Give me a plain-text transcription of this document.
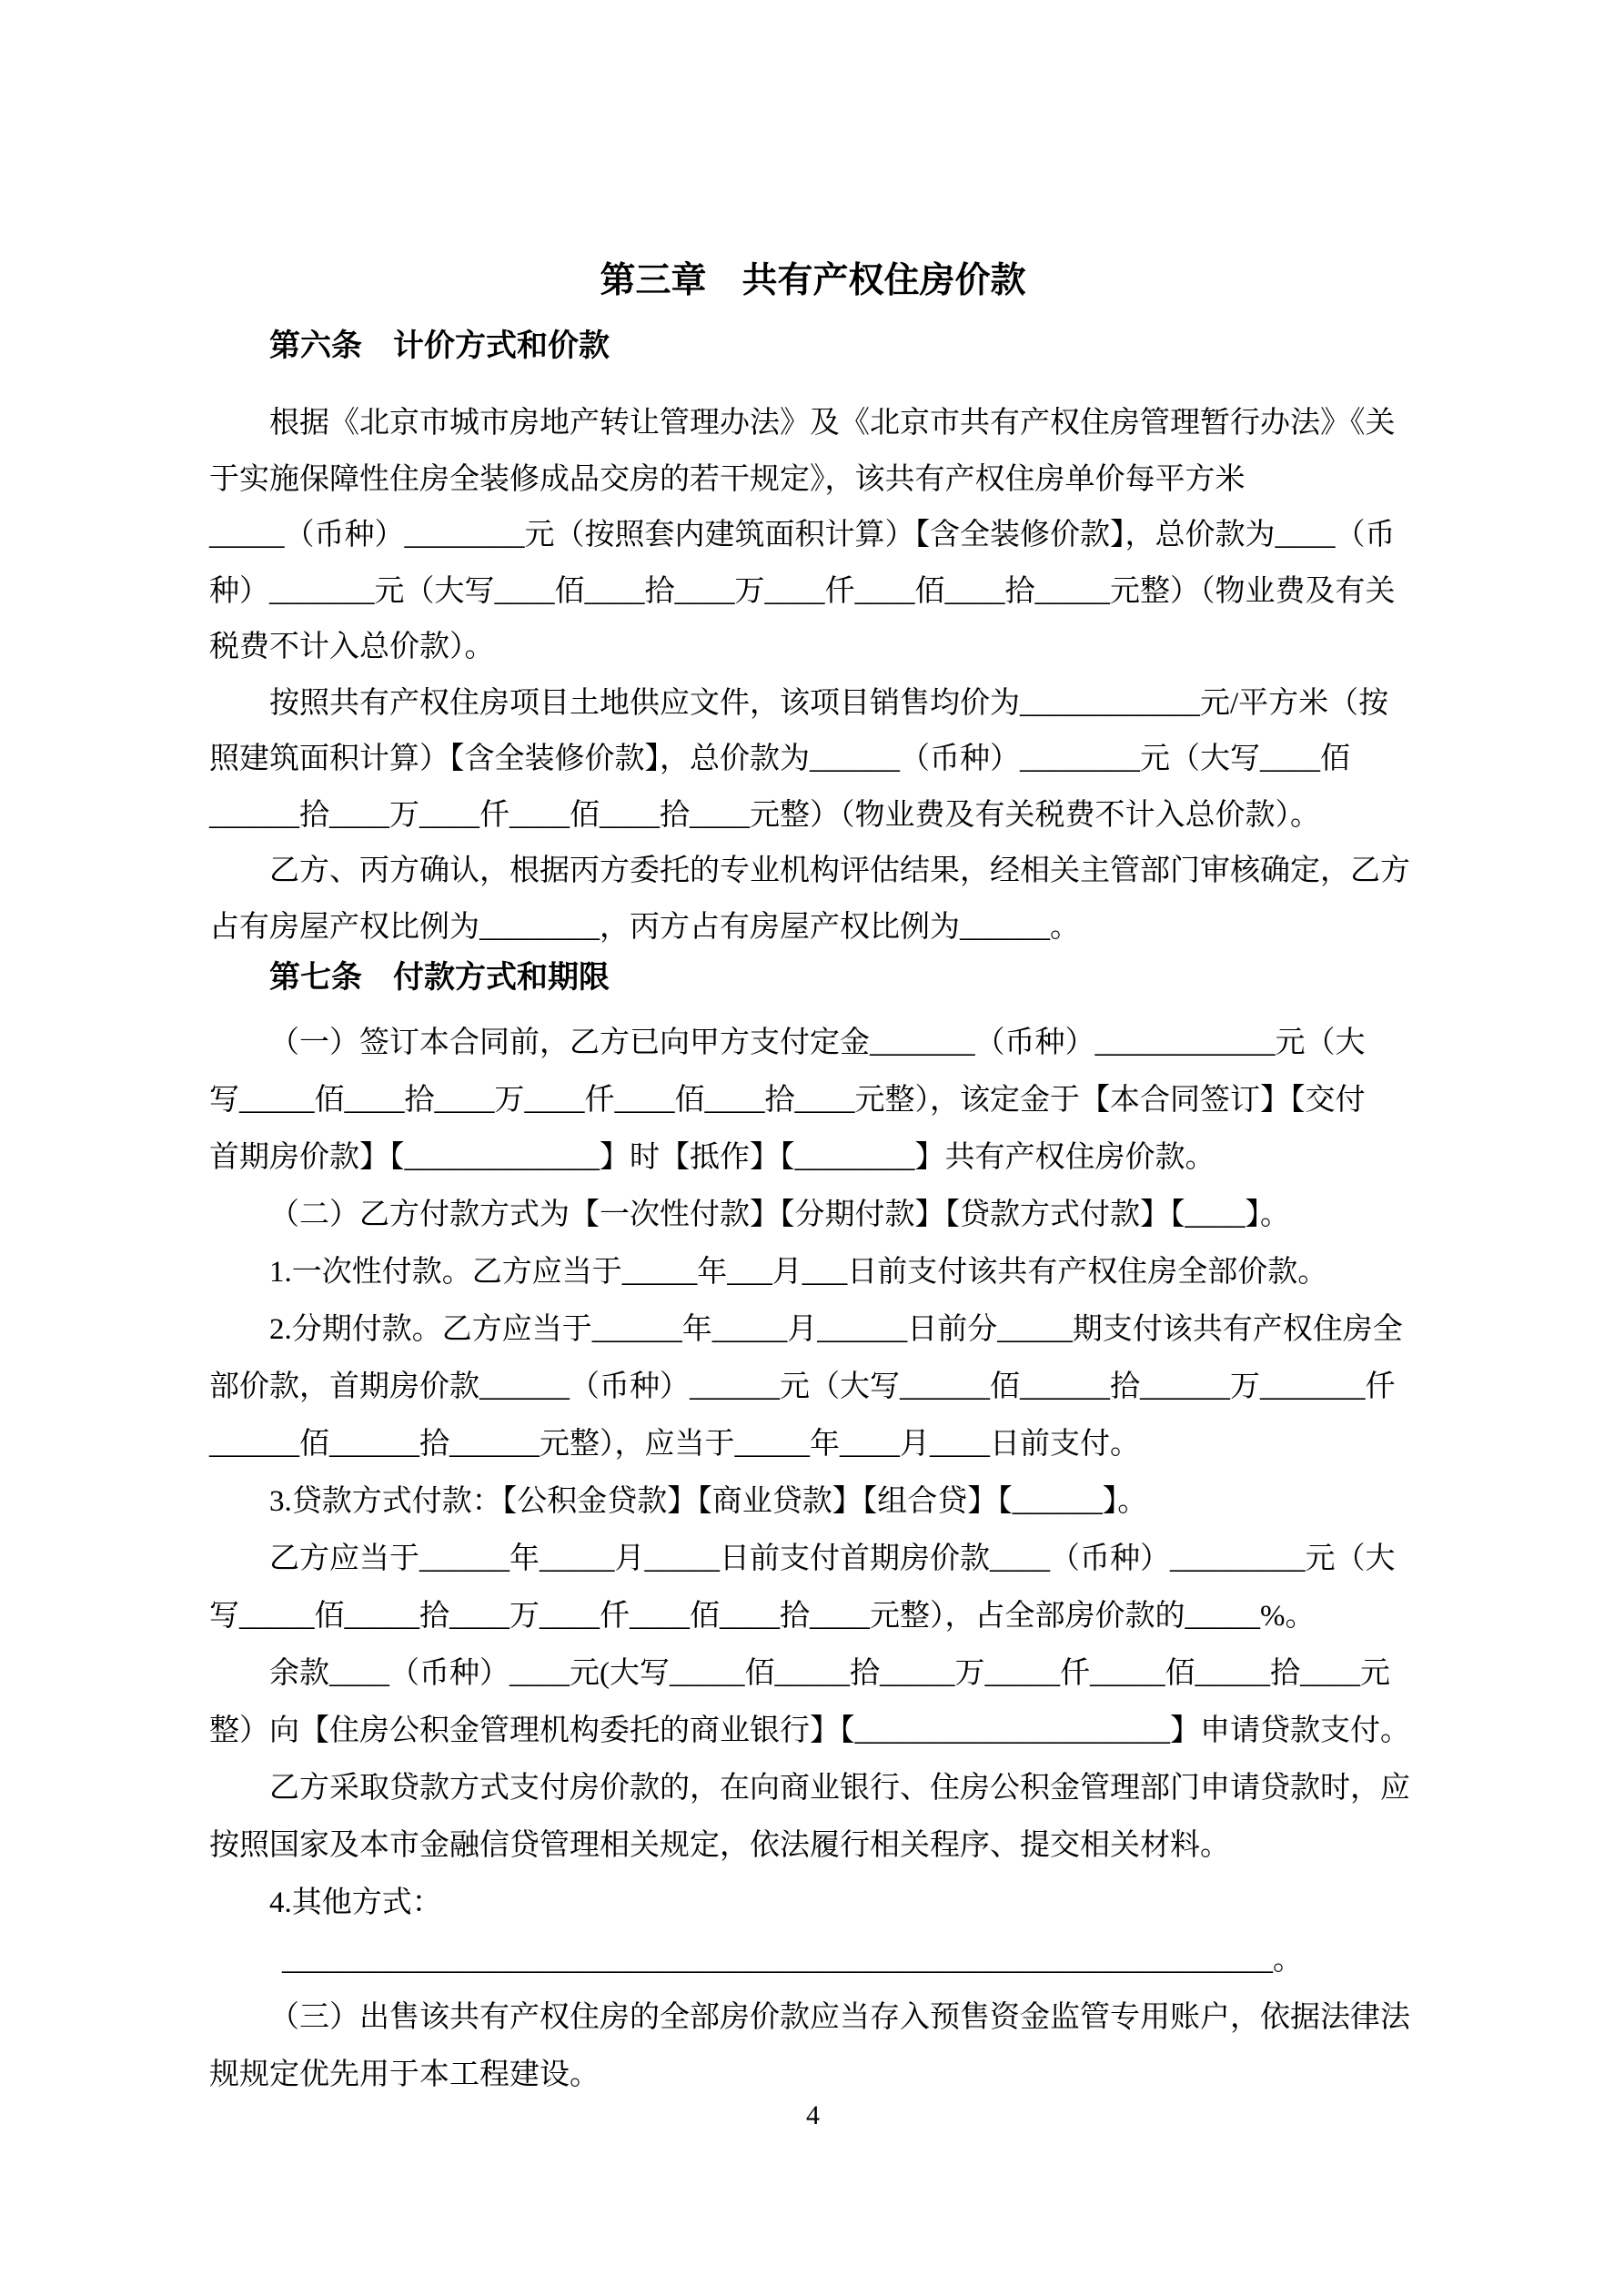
第三章　共有产权住房价款
第六条　计价方式和价款
根据《北京市城市房地产转让管理办法》及《北京市共有产权住房管理暂行办法》《关
于实施保障性住房全装修成品交房的若干规定》，该共有产权住房单价每平方米
_____（币种）________元（按照套内建筑面积计算）【含全装修价款】，总价款为____（币
种）_______元（大写____佰____拾____万____仟____佰____拾_____元整）（物业费及有关
税费不计入总价款）。
按照共有产权住房项目土地供应文件，该项目销售均价为____________元/平方米（按
照建筑面积计算）【含全装修价款】，总价款为______（币种）________元（大写____佰
______拾____万____仟____佰____拾____元整）（物业费及有关税费不计入总价款）。
乙方、丙方确认，根据丙方委托的专业机构评估结果，经相关主管部门审核确定，乙方
占有房屋产权比例为________，丙方占有房屋产权比例为______。
第七条　付款方式和期限
（一）签订本合同前，乙方已向甲方支付定金_______（币种）____________元（大
写_____佰____拾____万____仟____佰____拾____元整），该定金于【本合同签订】【交付
首期房价款】【_____________】时【抵作】【________】共有产权住房价款。
（二）乙方付款方式为【一次性付款】【分期付款】【贷款方式付款】【____】。
1.一次性付款。乙方应当于_____年___月___日前支付该共有产权住房全部价款。
2.分期付款。乙方应当于______年_____月______日前分_____期支付该共有产权住房全
部价款，首期房价款______（币种）______元（大写______佰______拾______万_______仟
______佰______拾______元整），应当于_____年____月____日前支付。
3.贷款方式付款：【公积金贷款】【商业贷款】【组合贷】【______】。
乙方应当于______年_____月_____日前支付首期房价款____（币种）_________元（大
写_____佰_____拾____万____仟____佰____拾____元整），占全部房价款的_____%。
余款____（币种）____元(大写_____佰_____拾_____万_____仟_____佰_____拾____元
整）向【住房公积金管理机构委托的商业银行】【_____________________】申请贷款支付。
乙方采取贷款方式支付房价款的，在向商业银行、住房公积金管理部门申请贷款时，应
按照国家及本市金融信贷管理相关规定，依法履行相关程序、提交相关材料。
4.其他方式：
__________________________________________________________________。
（三）出售该共有产权住房的全部房价款应当存入预售资金监管专用账户，依据法律法
规规定优先用于本工程建设。
4
